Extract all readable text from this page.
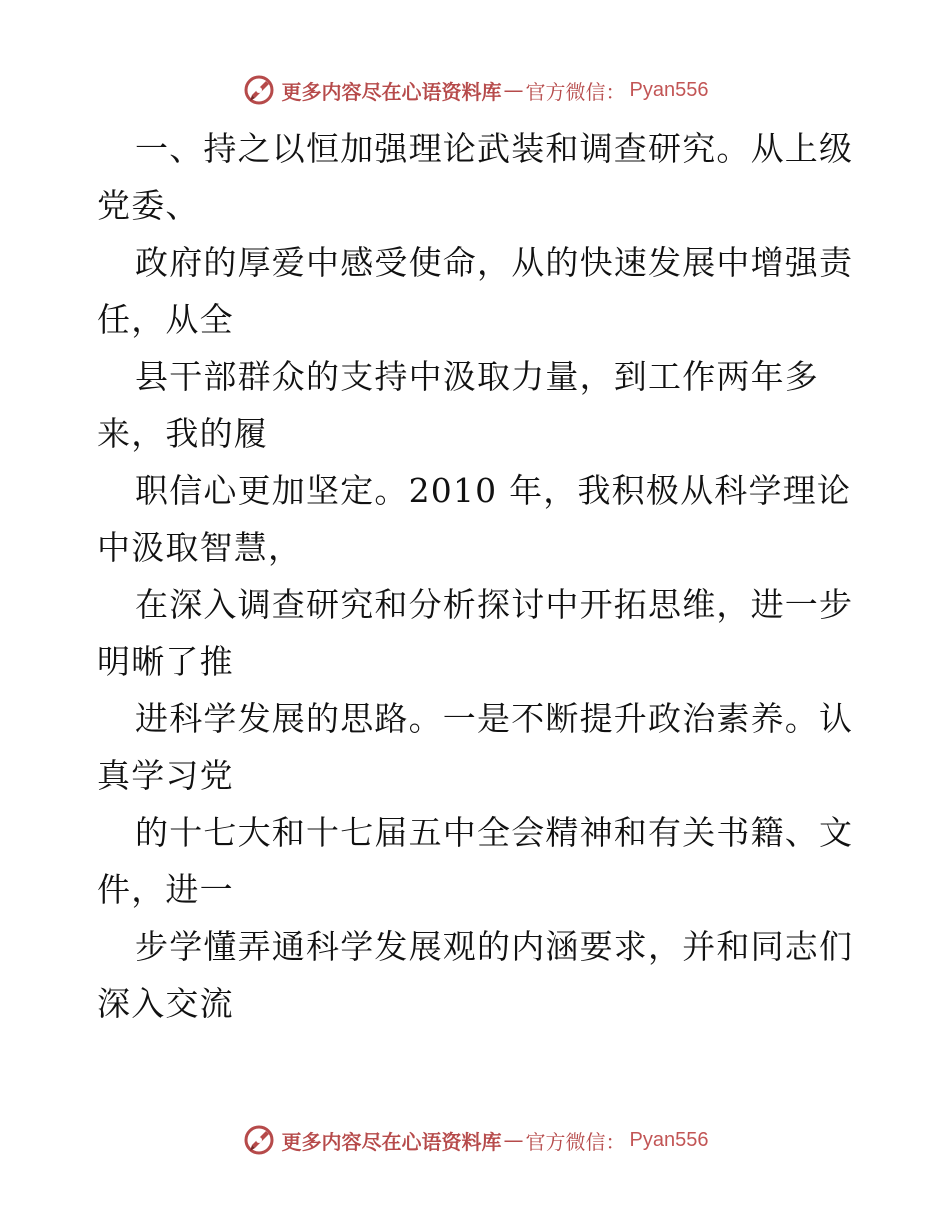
更多内容尽在心语资料库 — 官方微信： Pyan556
一、持之以恒加强理论武装和调查研究。从上级
党委、
政府的厚爱中感受使命，从的快速发展中增强责
任，从全
县干部群众的支持中汲取力量，到工作两年多
来，我的履
职信心更加坚定。2010 年，我积极从科学理论
中汲取智慧，
在深入调查研究和分析探讨中开拓思维，进一步
明晰了推
进科学发展的思路。一是不断提升政治素养。认
真学习党
的十七大和十七届五中全会精神和有关书籍、文
件，进一
步学懂弄通科学发展观的内涵要求，并和同志们
深入交流
更多内容尽在心语资料库 — 官方微信： Pyan556
